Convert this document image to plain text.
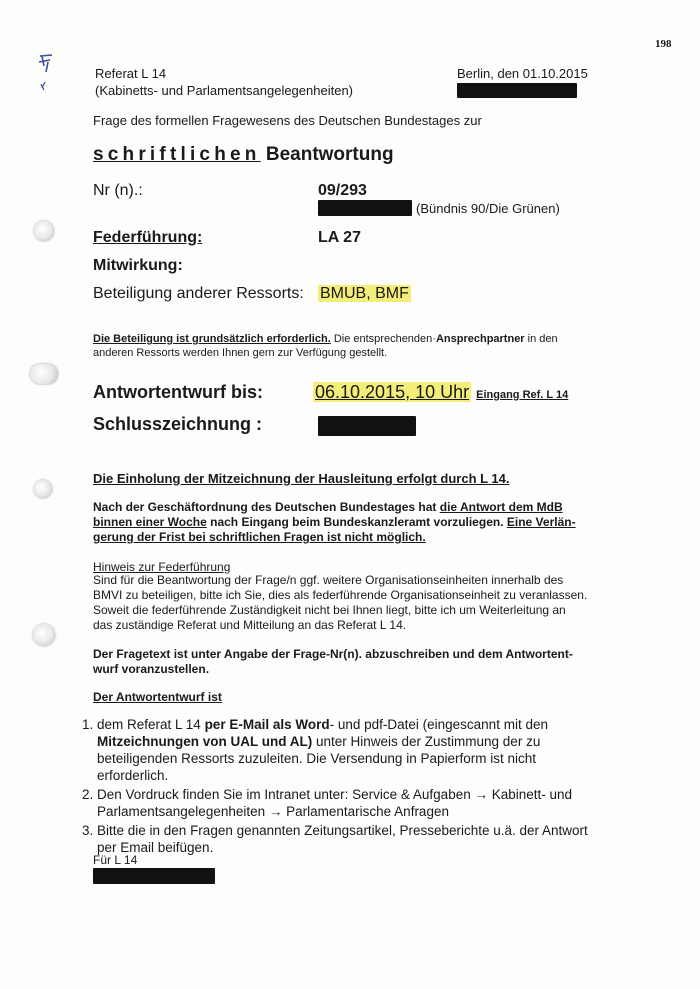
198
Referat L 14
(Kabinetts- und Parlamentsangelegenheiten)
Berlin, den 01.10.2015
Frage des formellen Fragewesens des Deutschen Bundestages zur
schriftlichen Beantwortung
Nr (n).:	09/293
(Bündnis 90/Die Grünen)
Federführung:	LA 27
Mitwirkung:
Beteiligung anderer Ressorts: BMUB, BMF
Die Beteiligung ist grundsätzlich erforderlich. Die entsprechenden·Ansprechpartner in den
anderen Ressorts werden Ihnen gern zur Verfügung gestellt.
Antwortentwurf bis:	06.10.2015, 10 Uhr Eingang Ref. L 14
Schlusszeichnung :
Die Einholung der Mitzeichnung der Hausleitung erfolgt durch L 14.
Nach der Geschäftordnung des Deutschen Bundestages hat die Antwort dem MdB
binnen einer Woche nach Eingang beim Bundeskanzleramt vorzuliegen. Eine Verlän-
gerung der Frist bei schriftlichen Fragen ist nicht möglich.
Hinweis zur Federführung
Sind für die Beantwortung der Frage/n ggf. weitere Organisationseinheiten innerhalb des
BMVI zu beteiligen, bitte ich Sie, dies als federführende Organisationseinheit zu veranlassen.
Soweit die federführende Zuständigkeit nicht bei Ihnen liegt, bitte ich um Weiterleitung an
das zuständige Referat und Mitteilung an das Referat L 14.
Der Fragetext ist unter Angabe der Frage-Nr(n). abzuschreiben und dem Antwortent-
wurf voranzustellen.
Der Antwortentwurf ist
1. dem Referat L 14 per E-Mail als Word- und pdf-Datei (eingescannt mit den Mitzeichnungen von UAL und AL) unter Hinweis der Zustimmung der zu beteiligenden Ressorts zuzuleiten. Die Versendung in Papierform ist nicht erforderlich.
2. Den Vordruck finden Sie im Intranet unter: Service & Aufgaben → Kabinett- und Parlamentsangelegenheiten → Parlamentarische Anfragen
3. Bitte die in den Fragen genannten Zeitungsartikel, Presseberichte u.ä. der Antwort per Email beifügen.
Für L 14
